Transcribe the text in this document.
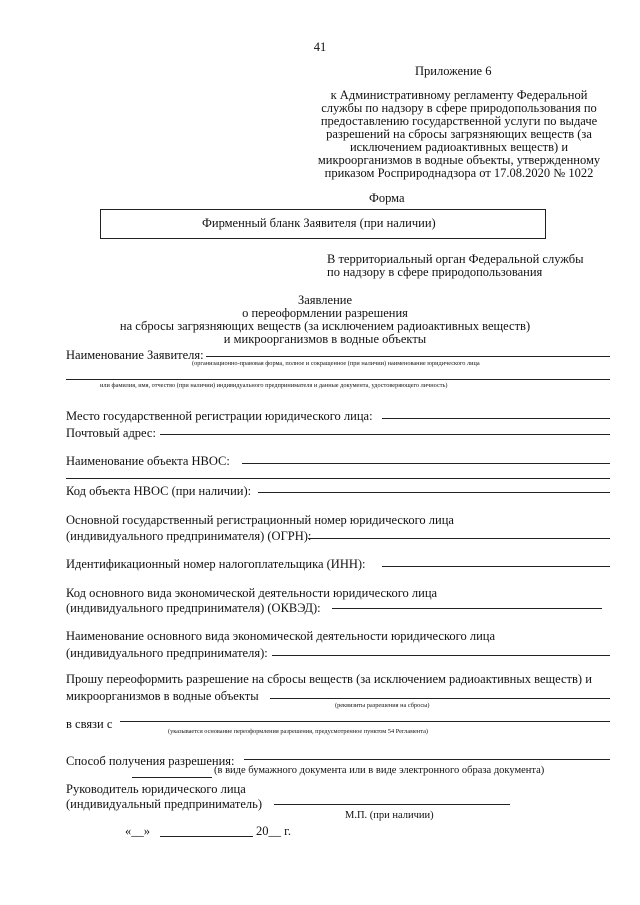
41
Приложение 6
к Административному регламенту Федеральной
службы по надзору в сфере природопользования по
предоставлению государственной услуги по выдаче
разрешений на сбросы загрязняющих веществ (за
исключением радиоактивных веществ) и
микроорганизмов в водные объекты, утвержденному
приказом Росприроднадзора от 17.08.2020 № 1022
Форма
Фирменный бланк Заявителя (при наличии)
В территориальный орган Федеральной службы
по надзору в сфере природопользования
Заявление
о переоформлении разрешения
на сбросы загрязняющих веществ (за исключением радиоактивных веществ)
и микроорганизмов в водные объекты
Наименование Заявителя:
(организационно-правовая форма, полное и сокращенное (при наличии) наименование юридического лица
или фамилия, имя, отчество (при наличии) индивидуального предпринимателя и данные документа, удостоверяющего личность)
Место государственной регистрации юридического лица:
Почтовый адрес:
Наименование объекта НВОС:
Код объекта НВОС (при наличии):
Основной государственный регистрационный номер юридического лица
(индивидуального предпринимателя) (ОГРН):
Идентификационный номер налогоплательщика (ИНН):
Код основного вида экономической деятельности юридического лица
(индивидуального предпринимателя) (ОКВЭД):
Наименование основного вида экономической деятельности юридического лица
(индивидуального предпринимателя):
Прошу переоформить разрешение на сбросы веществ (за исключением радиоактивных веществ) и
микроорганизмов в водные объекты
(реквизиты разрешения на сбросы)
в связи с
(указывается основание переоформления разрешения, предусмотренное пунктом 54 Регламента)
Способ получения разрешения:
(в виде бумажного документа или в виде электронного образа документа)
Руководитель юридического лица
(индивидуальный предприниматель)
М.П. (при наличии)
«__»	20__ г.
